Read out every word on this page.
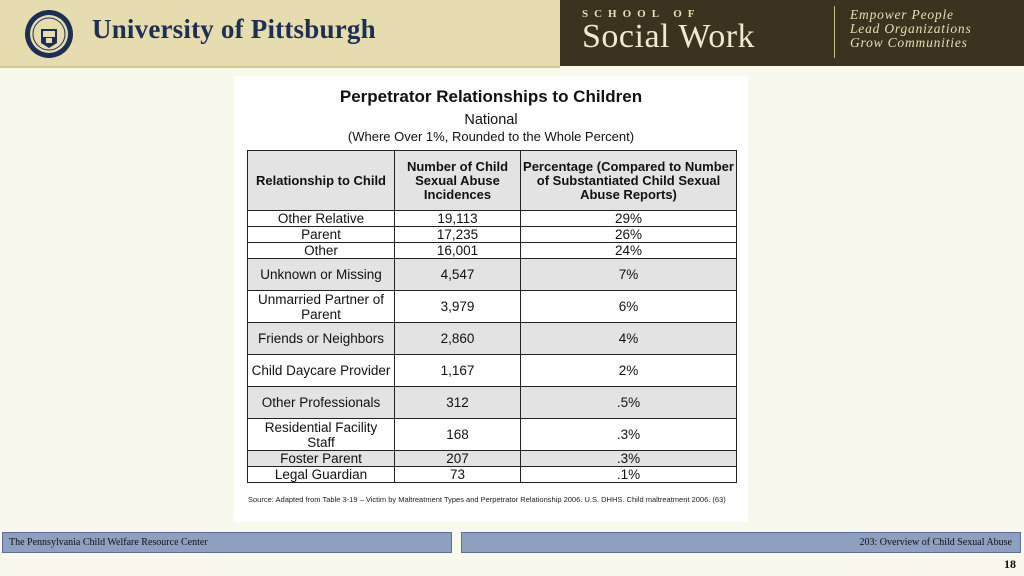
University of Pittsburgh	SCHOOL OF
Social Work
Empower People
Lead Organizations
Grow Communities
Perpetrator Relationships to Children
National
(Where Over 1%, Rounded to the Whole Percent)
Relationship to Child	Number of Child Sexual Abuse Incidences	Percentage (Compared to Number of Substantiated Child Sexual Abuse Reports)
Other Relative	19,113	29%
Parent	17,235	26%
Other	16,001	24%
Unknown or Missing	4,547	7%
Unmarried Partner of Parent	3,979	6%
Friends or Neighbors	2,860	4%
Child Daycare Provider	1,167	2%
Other Professionals	312	.5%
Residential Facility Staff	168	.3%
Foster Parent	207	.3%
Legal Guardian	73	.1%
Source: Adapted from Table 3-19 – Victim by Maltreatment Types and Perpetrator Relationship 2006. U.S. DHHS. Child maltreatment 2006. (63)
The Pennsylvania Child Welfare Resource Center	203: Overview of Child Sexual Abuse
18
